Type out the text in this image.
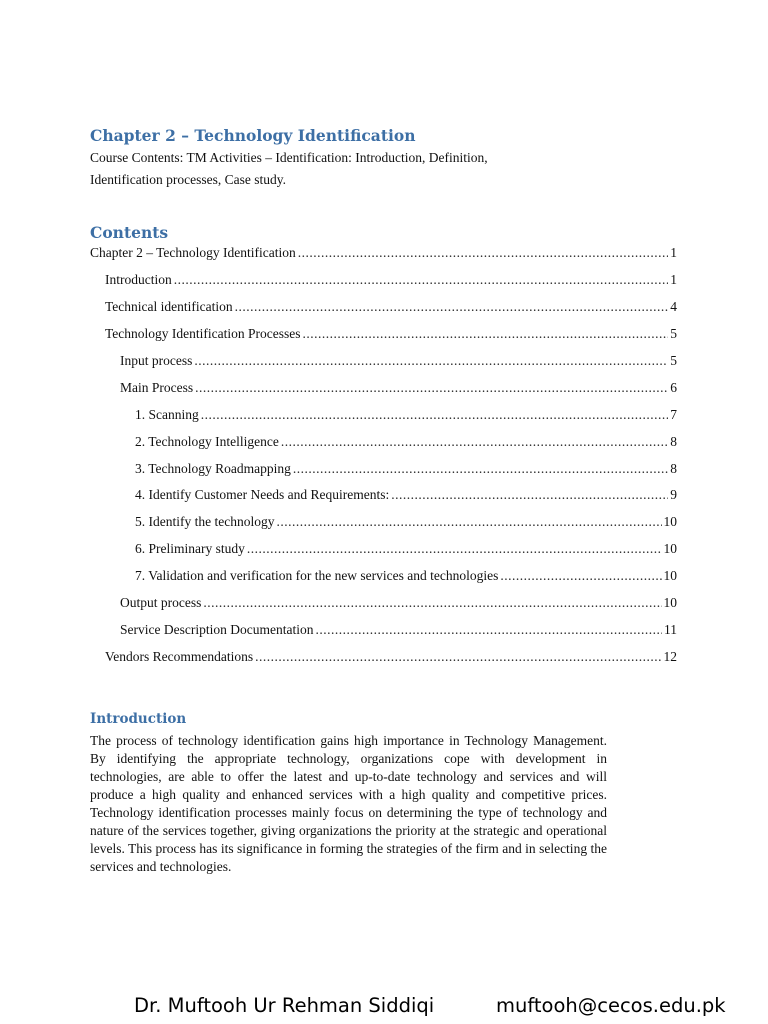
Chapter 2 – Technology Identification
Course Contents: TM Activities – Identification: Introduction, Definition,
Identification processes, Case study.
Contents
Chapter 2 – Technology Identification .....	1
Introduction .....	1
Technical identification .....	4
Technology Identification Processes .....	5
Input process .....	5
Main Process .....	6
1. Scanning .....	7
2. Technology Intelligence .....	8
3. Technology Roadmapping .....	8
4. Identify Customer Needs and Requirements: .....	9
5. Identify the technology .....	10
6. Preliminary study .....	10
7. Validation and verification for the new services and technologies .....	10
Output process .....	10
Service Description Documentation .....	11
Vendors Recommendations .....	12
Introduction

The process of technology identification gains high importance in Technology Management. By identifying the appropriate technology, organizations cope with development in technologies, are able to offer the latest and up-to-date technology and services and will produce a high quality and enhanced services with a high quality and competitive prices. Technology identification processes mainly focus on determining the type of technology and nature of the services together, giving organizations the priority at the strategic and operational levels. This process has its significance in forming the strategies of the firm and in selecting the services and technologies.

Dr. Muftooh Ur Rehman Siddiqi	muftooh@cecos.edu.pk
